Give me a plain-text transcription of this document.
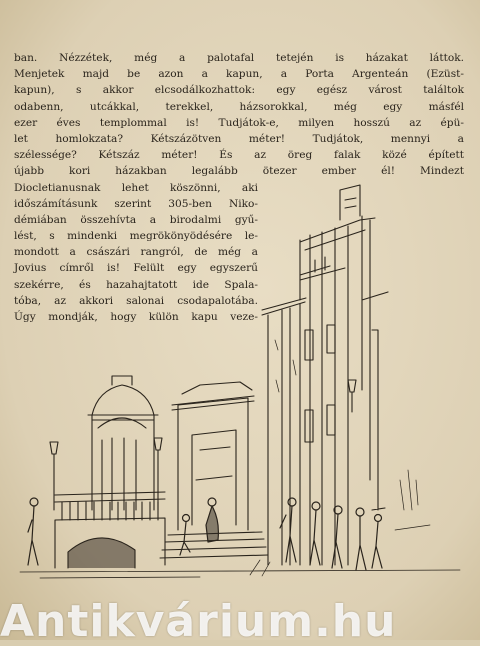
ban. Nézzétek, még a palotafal tetején is házakat láttok.
Menjetek majd be azon a kapun, a Porta Argenteán (Ezüst-
kapun), s akkor elcsodálkozhattok: egy egész várost találtok
odabenn, utcákkal, terekkel, házsorokkal, még egy másfél
ezer éves templommal is! Tudjátok-e, milyen hosszú az épü-
let homlokzata? Kétszázötven méter! Tudjátok, mennyi a
szélessége? Kétszáz méter! És az öreg falak közé épített
újabb kori házakban legalább ötezer ember él! Mindezt
Diocletianusnak lehet köszönni, aki
időszámításunk szerint 305-ben Niko-
démiában összehívta a birodalmi gyű-
lést, s mindenki megrökönyödésére le-
mondott a császári rangról, de még a
Jovius címről is! Felült egy egyszerű
szekérre, és hazahajtatott ide Spala-
tóba, az akkori salonai csodapalotába.
Úgy mondják, hogy külön kapu veze-
Antikvárium.hu
